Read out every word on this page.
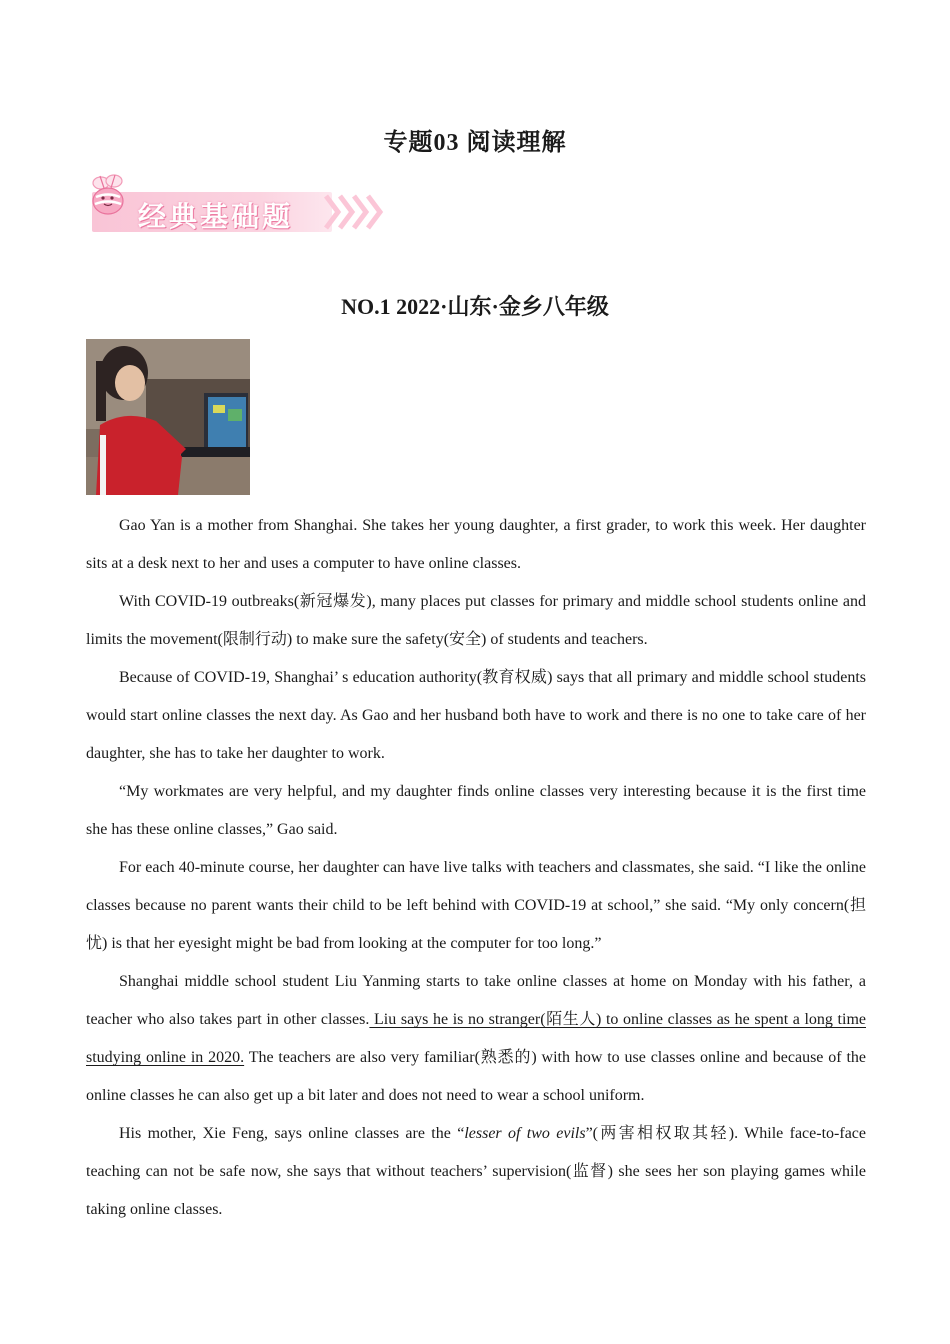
专题03 阅读理解
经典基础题
NO.1 2022·山东·金乡八年级

Gao Yan is a mother from Shanghai. She takes her young daughter, a first grader, to work this week. Her daughter sits at a desk next to her and uses a computer to have online classes.

With COVID-19 outbreaks(新冠爆发), many places put classes for primary and middle school students online and limits the movement(限制行动) to make sure the safety(安全) of students and teachers.

Because of COVID-19, Shanghai’ s education authority(教育权威) says that all primary and middle school students would start online classes the next day. As Gao and her husband both have to work and there is no one to take care of her daughter, she has to take her daughter to work.

“My workmates are very helpful, and my daughter finds online classes very interesting because it is the first time she has these online classes,” Gao said.

For each 40-minute course, her daughter can have live talks with teachers and classmates, she said. “I like the online classes because no parent wants their child to be left behind with COVID-19 at school,” she said. “My only concern(担忧) is that her eyesight might be bad from looking at the computer for too long.”

Shanghai middle school student Liu Yanming starts to take online classes at home on Monday with his father, a teacher who also takes part in other classes. Liu says he is no stranger(陌生人) to online classes as he spent a long time studying online in 2020. The teachers are also very familiar(熟悉的) with how to use classes online and because of the online classes he can also get up a bit later and does not need to wear a school uniform.

His mother, Xie Feng, says online classes are the “lesser of two evils”(两害相权取其轻). While face-to-face teaching can not be safe now, she says that without teachers’ supervision(监督) she sees her son playing games while taking online classes.
